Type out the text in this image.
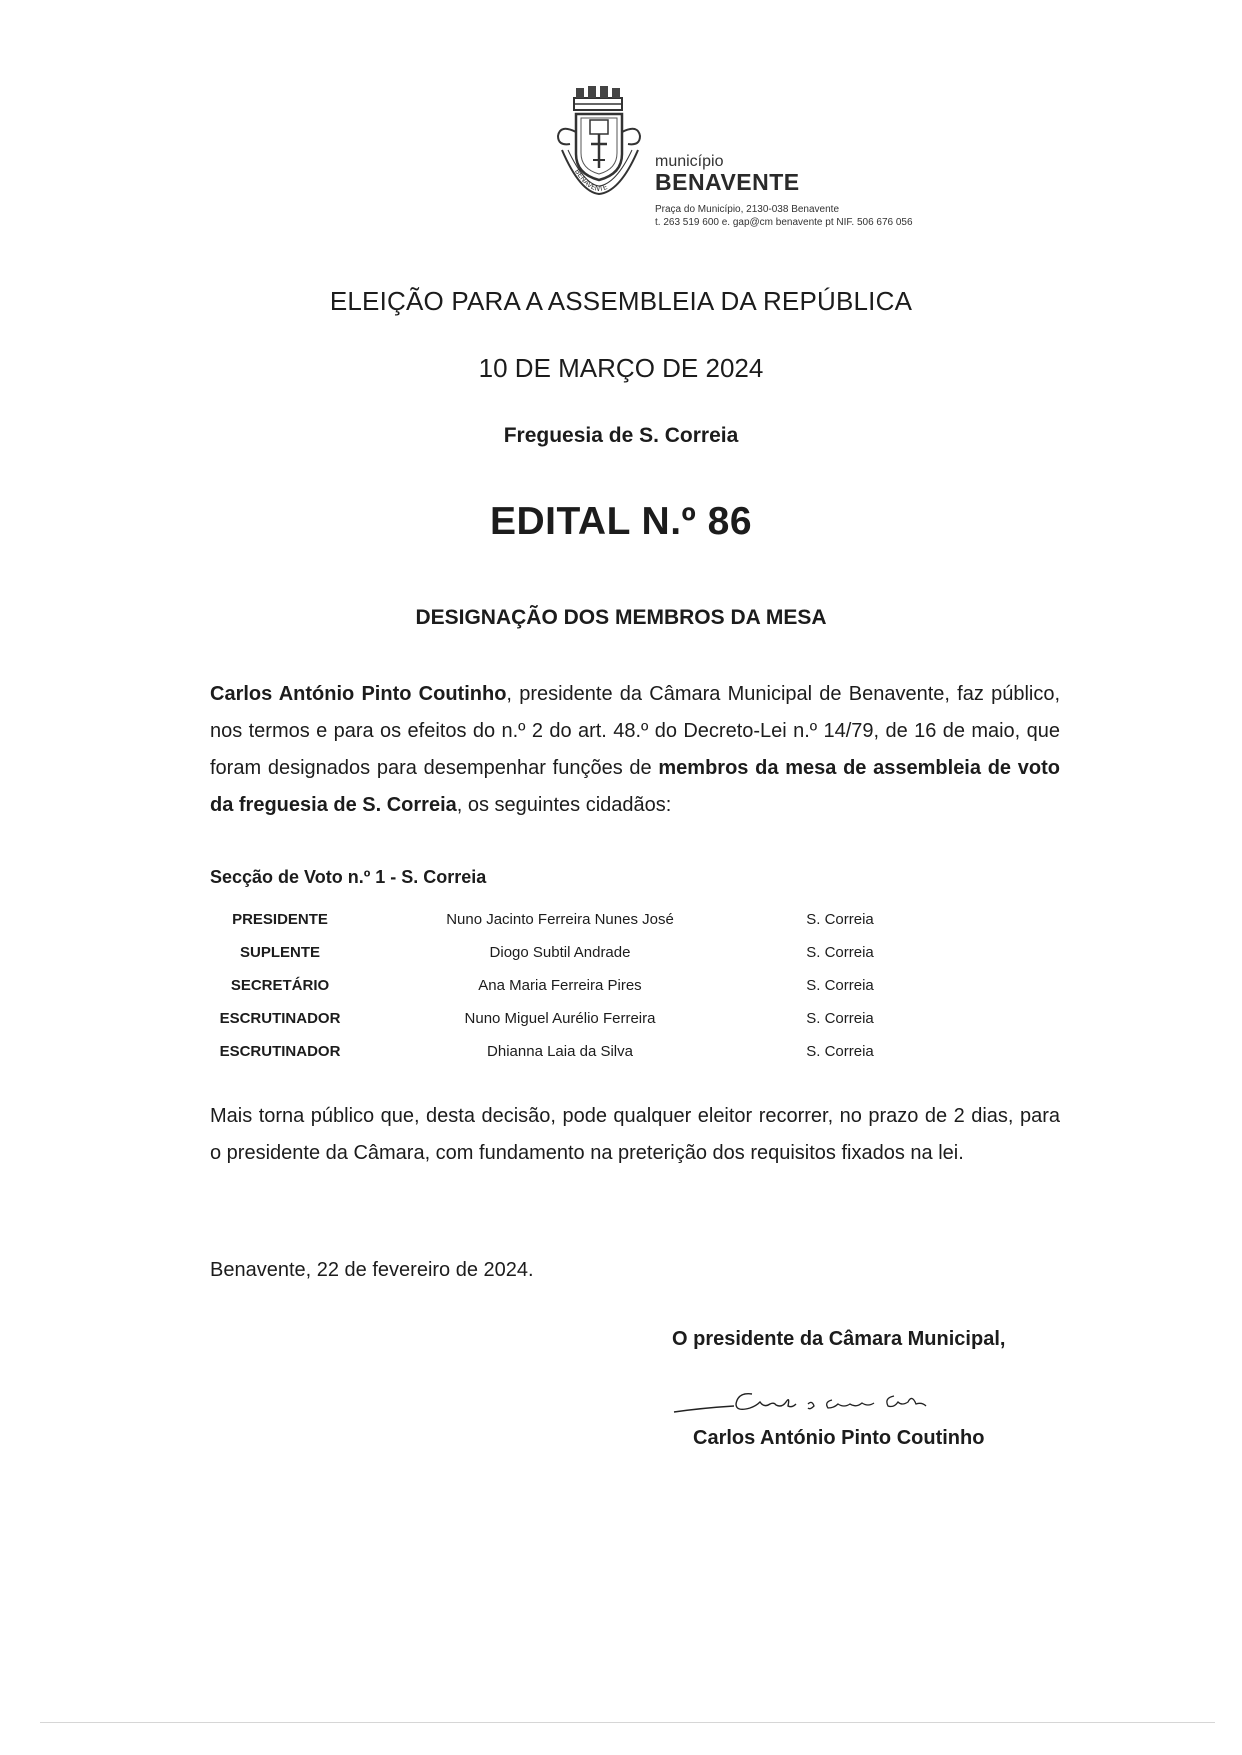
BENAVENTE
município
BENAVENTE
Praça do Município, 2130-038 Benavente
t. 263 519 600 e. gap@cm benavente pt NIF. 506 676 056
ELEIÇÃO PARA A ASSEMBLEIA DA REPÚBLICA
10 DE MARÇO DE 2024
Freguesia de S. Correia
EDITAL N.º 86
DESIGNAÇÃO DOS MEMBROS DA MESA
Carlos António Pinto Coutinho, presidente da Câmara Municipal de Benavente, faz público, nos termos e para os efeitos do n.º 2 do art. 48.º do Decreto-Lei n.º 14/79, de 16 de maio, que foram designados para desempenhar funções de membros da mesa de assembleia de voto da freguesia de S. Correia, os seguintes cidadãos:
Secção de Voto n.º 1 - S. Correia
PRESIDENTE	Nuno Jacinto Ferreira Nunes José	S. Correia
SUPLENTE	Diogo Subtil Andrade	S. Correia
SECRETÁRIO	Ana Maria Ferreira Pires	S. Correia
ESCRUTINADOR	Nuno Miguel Aurélio Ferreira	S. Correia
ESCRUTINADOR	Dhianna Laia da Silva	S. Correia
Mais torna público que, desta decisão, pode qualquer eleitor recorrer, no prazo de 2 dias, para o presidente da Câmara, com fundamento na preterição dos requisitos fixados na lei.
Benavente, 22 de fevereiro de 2024.
O presidente da Câmara Municipal,
Carlos António Pinto Coutinho
